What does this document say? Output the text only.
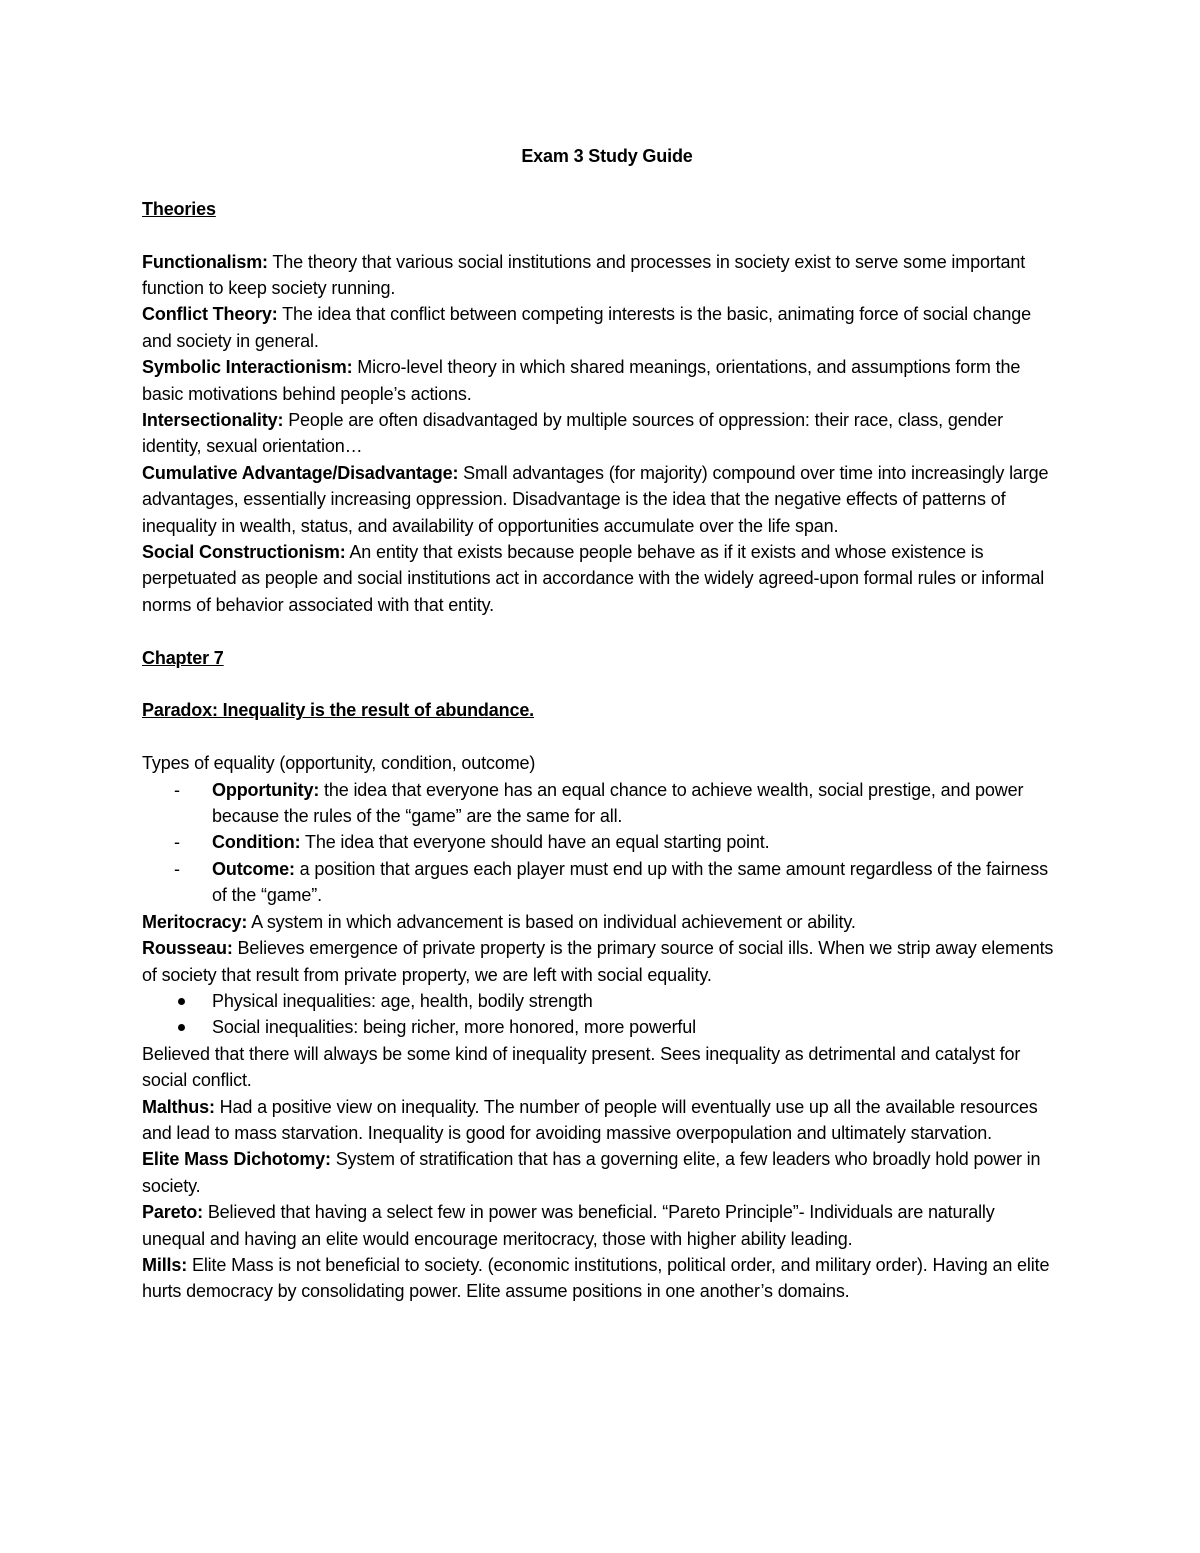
Exam 3 Study Guide

Theories

Functionalism: The theory that various social institutions and processes in society exist to serve some important function to keep society running.

Conflict Theory: The idea that conflict between competing interests is the basic, animating force of social change and society in general.

Symbolic Interactionism: Micro-level theory in which shared meanings, orientations, and assumptions form the basic motivations behind people’s actions.

Intersectionality: People are often disadvantaged by multiple sources of oppression: their race, class, gender identity, sexual orientation…

Cumulative Advantage/Disadvantage: Small advantages (for majority) compound over time into increasingly large advantages, essentially increasing oppression. Disadvantage is the idea that the negative effects of patterns of inequality in wealth, status, and availability of opportunities accumulate over the life span.

Social Constructionism: An entity that exists because people behave as if it exists and whose existence is perpetuated as people and social institutions act in accordance with the widely agreed-upon formal rules or informal norms of behavior associated with that entity.

Chapter 7

Paradox: Inequality is the result of abundance.

Types of equality (opportunity, condition, outcome)

- Opportunity: the idea that everyone has an equal chance to achieve wealth, social prestige, and power because the rules of the “game” are the same for all.
- Condition: The idea that everyone should have an equal starting point.
- Outcome: a position that argues each player must end up with the same amount regardless of the fairness of the “game”.

Meritocracy: A system in which advancement is based on individual achievement or ability.

Rousseau: Believes emergence of private property is the primary source of social ills. When we strip away elements of society that result from private property, we are left with social equality.

Physical inequalities: age, health, bodily strength
Social inequalities: being richer, more honored, more powerful

Believed that there will always be some kind of inequality present. Sees inequality as detrimental and catalyst for social conflict.

Malthus: Had a positive view on inequality. The number of people will eventually use up all the available resources and lead to mass starvation. Inequality is good for avoiding massive overpopulation and ultimately starvation.

Elite Mass Dichotomy: System of stratification that has a governing elite, a few leaders who broadly hold power in society.

Pareto: Believed that having a select few in power was beneficial. “Pareto Principle”- Individuals are naturally unequal and having an elite would encourage meritocracy, those with higher ability leading.

Mills: Elite Mass is not beneficial to society. (economic institutions, political order, and military order). Having an elite hurts democracy by consolidating power. Elite assume positions in one another’s domains.
